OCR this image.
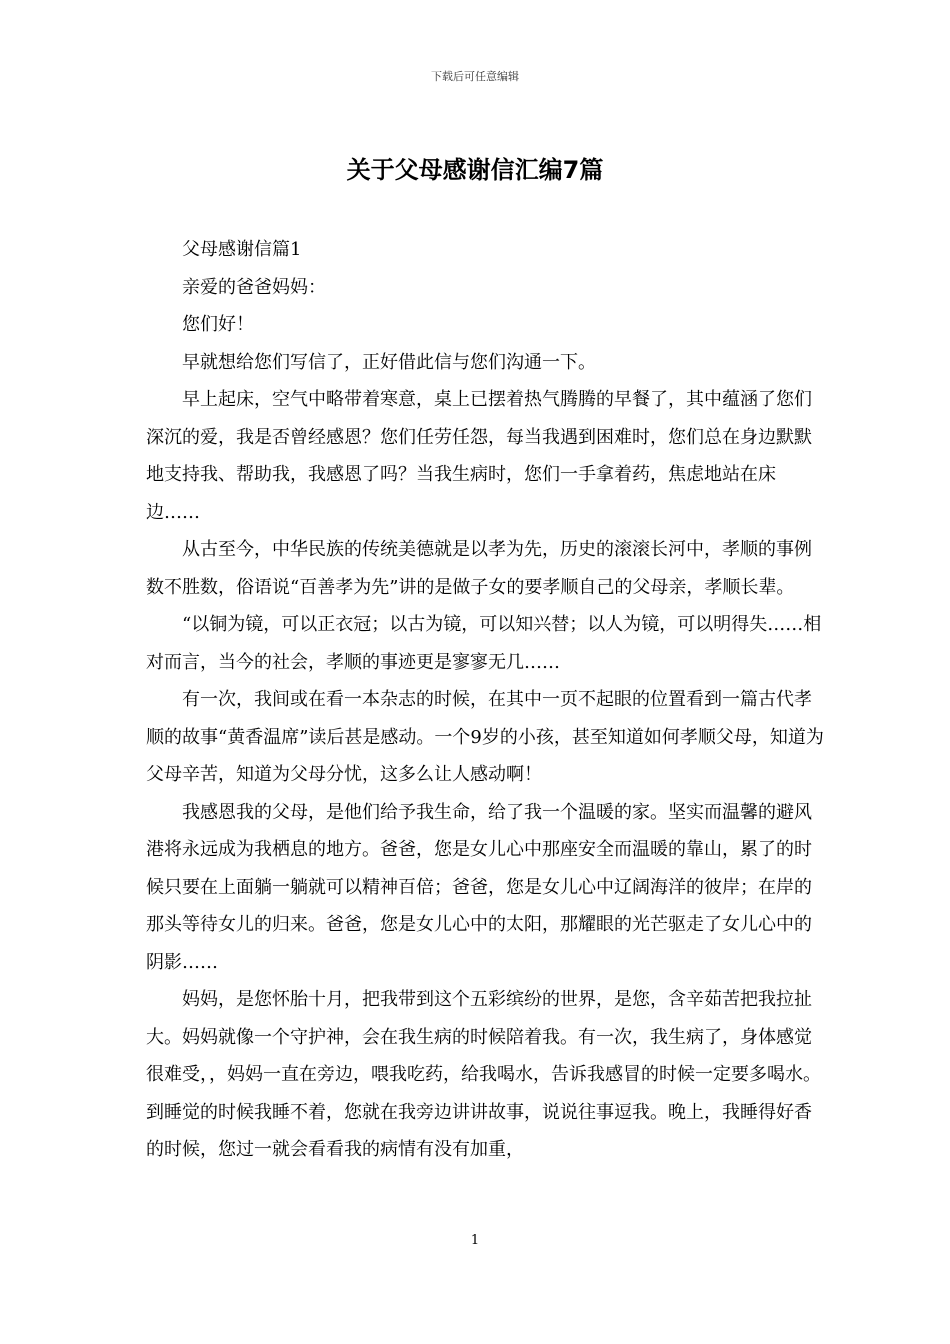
下载后可任意编辑
关于父母感谢信汇编7篇

父母感谢信篇1

亲爱的爸爸妈妈：

您们好！

早就想给您们写信了，正好借此信与您们沟通一下。

早上起床，空气中略带着寒意，桌上已摆着热气腾腾的早餐了，其中蕴涵了您们深沉的爱，我是否曾经感恩？您们任劳任怨，每当我遇到困难时，您们总在身边默默地支持我、帮助我，我感恩了吗？当我生病时，您们一手拿着药，焦虑地站在床边……

从古至今，中华民族的传统美德就是以孝为先，历史的滚滚长河中，孝顺的事例数不胜数，俗语说“百善孝为先”讲的是做子女的要孝顺自己的父母亲，孝顺长辈。

“以铜为镜，可以正衣冠；以古为镜，可以知兴替；以人为镜，可以明得失……相对而言，当今的社会，孝顺的事迹更是寥寥无几……

有一次，我间或在看一本杂志的时候，在其中一页不起眼的位置看到一篇古代孝顺的故事“黄香温席”读后甚是感动。一个9岁的小孩，甚至知道如何孝顺父母，知道为父母辛苦，知道为父母分忧，这多么让人感动啊！

我感恩我的父母，是他们给予我生命，给了我一个温暖的家。坚实而温馨的避风港将永远成为我栖息的地方。爸爸，您是女儿心中那座安全而温暖的靠山，累了的时候只要在上面躺一躺就可以精神百倍；爸爸，您是女儿心中辽阔海洋的彼岸；在岸的那头等待女儿的归来。爸爸，您是女儿心中的太阳，那耀眼的光芒驱走了女儿心中的阴影……

妈妈，是您怀胎十月，把我带到这个五彩缤纷的世界，是您，含辛茹苦把我拉扯大。妈妈就像一个守护神，会在我生病的时候陪着我。有一次，我生病了，身体感觉很难受，，妈妈一直在旁边，喂我吃药，给我喝水，告诉我感冒的时候一定要多喝水。到睡觉的时候我睡不着，您就在我旁边讲讲故事，说说往事逗我。晚上，我睡得好香的时候，您过一就会看看我的病情有没有加重，

1
